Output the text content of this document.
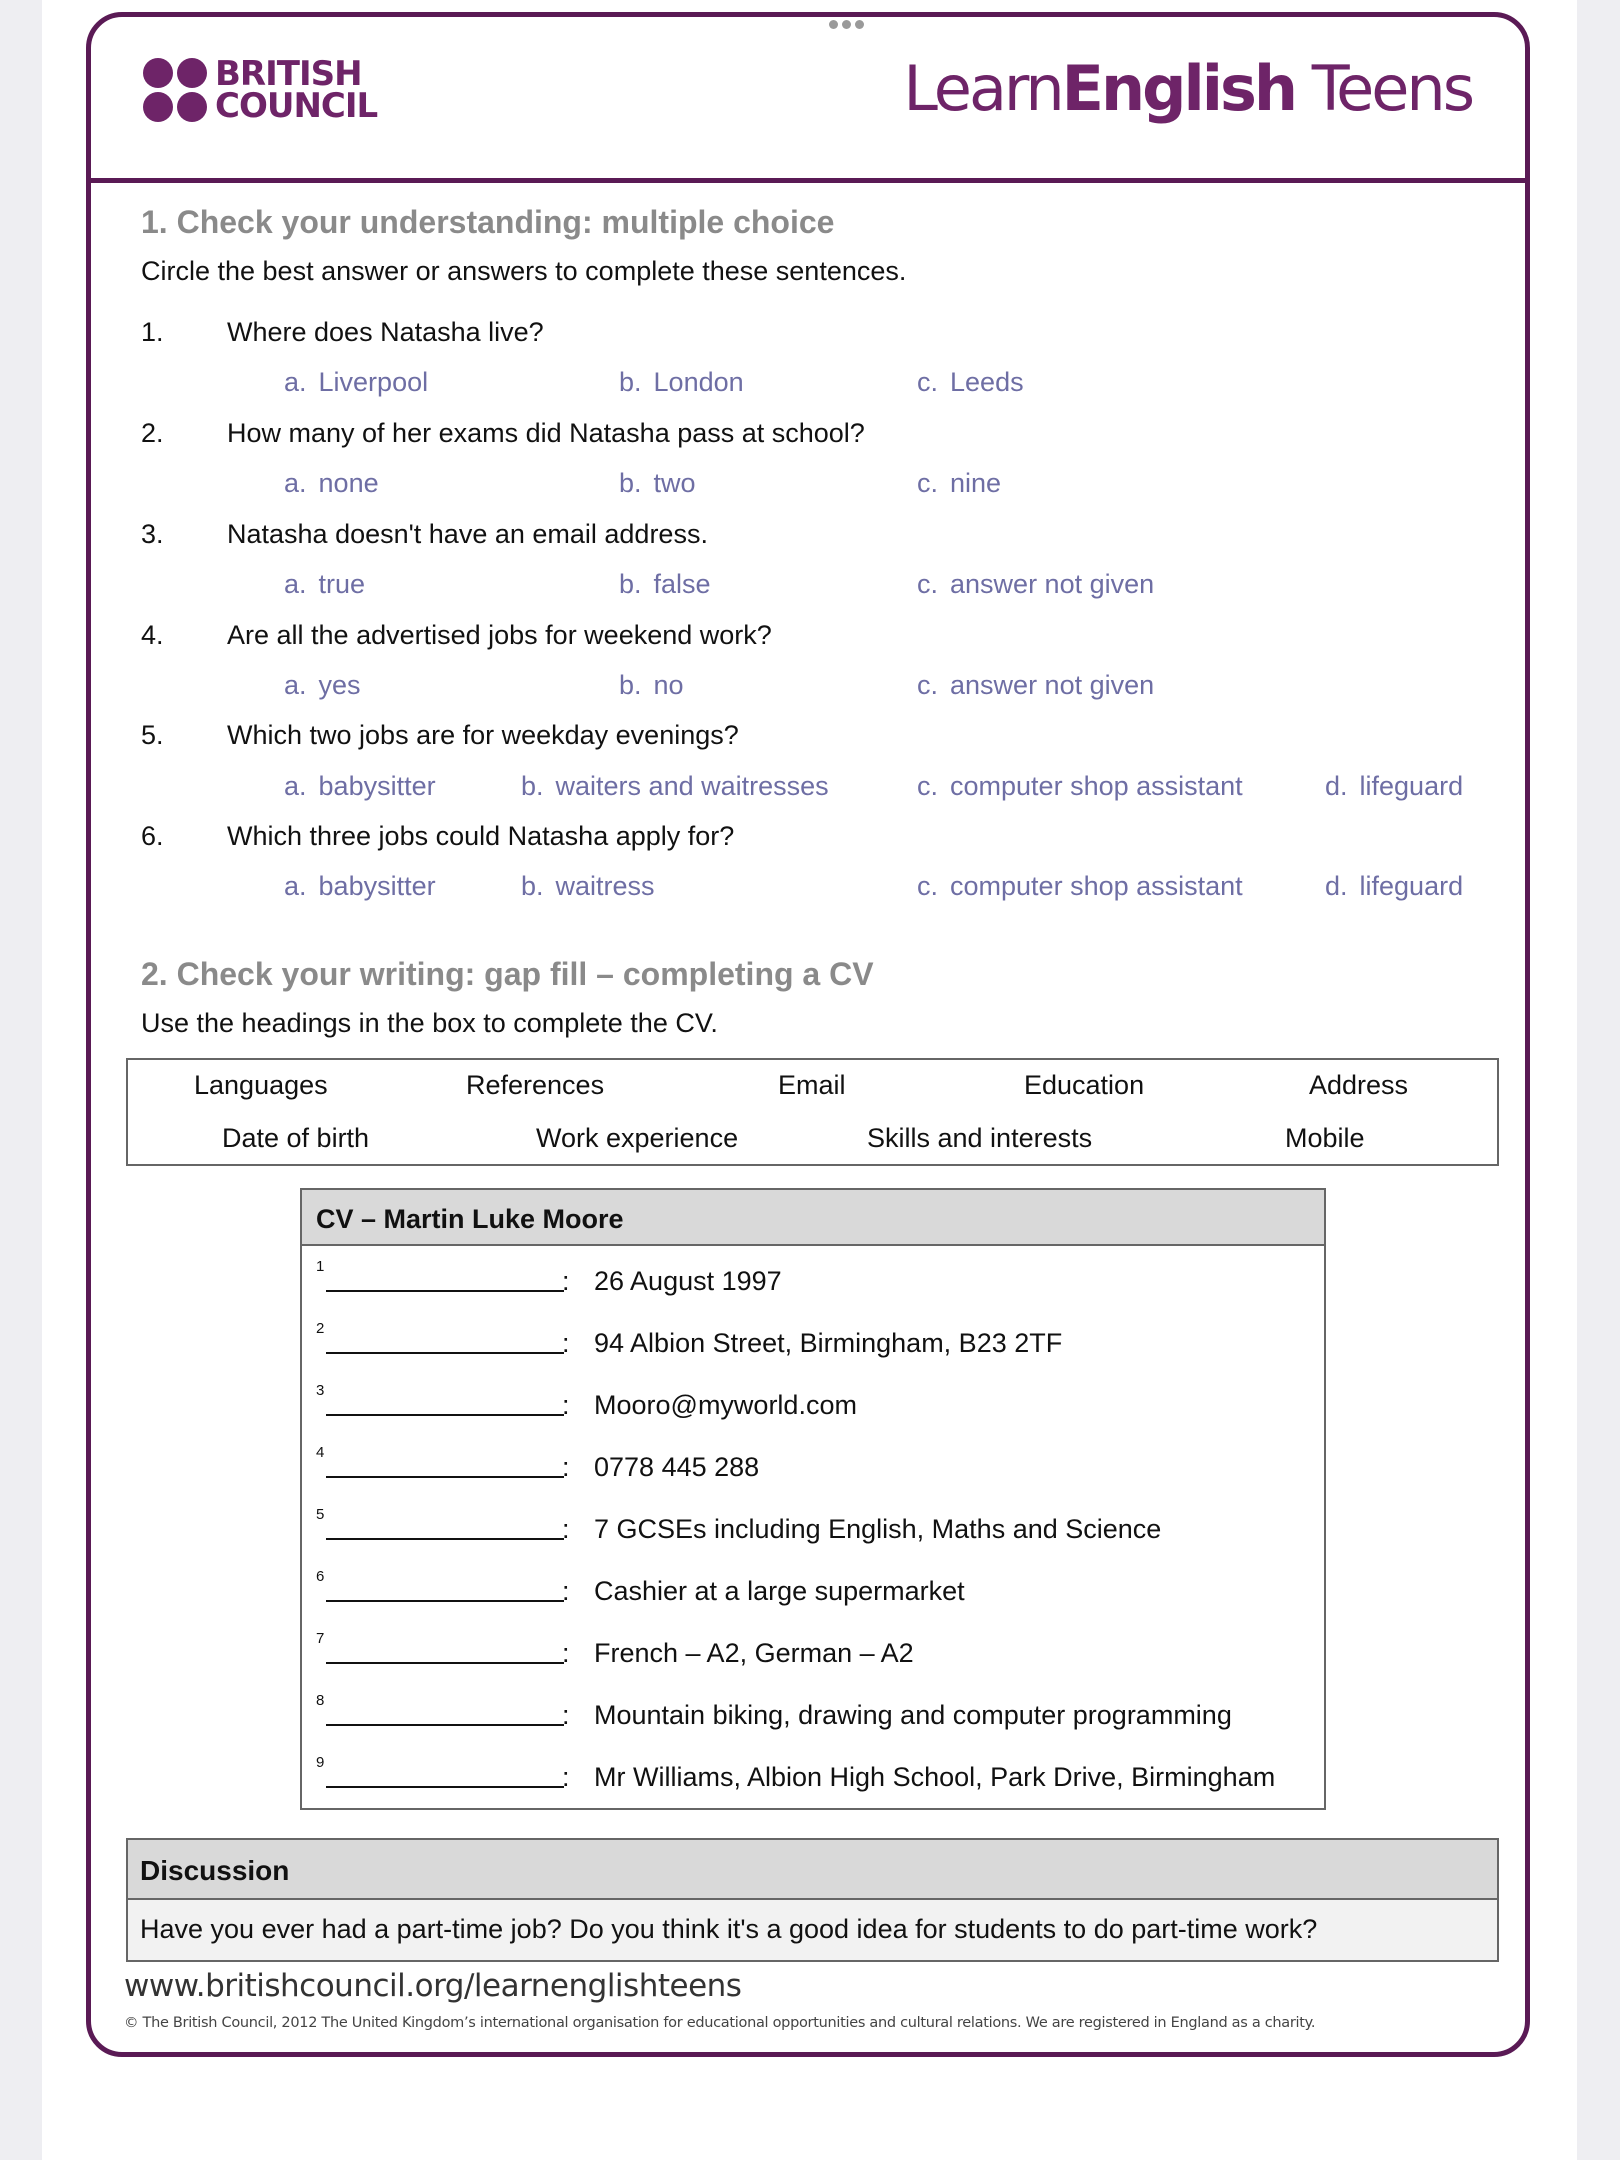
BRITISH
COUNCIL	LearnEnglish Teens
1. Check your understanding: multiple choice
Circle the best answer or answers to complete these sentences.
1. Where does Natasha live?
a. Liverpool	b. London	c. Leeds
2. How many of her exams did Natasha pass at school?
a. none	b. two	c. nine
3. Natasha doesn't have an email address.
a. true	b. false	c. answer not given
4. Are all the advertised jobs for weekend work?
a. yes	b. no	c. answer not given
5. Which two jobs are for weekday evenings?
a. babysitter	b. waiters and waitresses	c. computer shop assistant	d. lifeguard
6. Which three jobs could Natasha apply for?
a. babysitter	b. waitress	c. computer shop assistant	d. lifeguard
2. Check your writing: gap fill – completing a CV
Use the headings in the box to complete the CV.
Languages	References	Email	Education	Address
Date of birth	Work experience	Skills and interests	Mobile
CV – Martin Luke Moore
1	: 26 August 1997
2	: 94 Albion Street, Birmingham, B23 2TF
3	: Mooro@myworld.com
4	: 0778 445 288
5	: 7 GCSEs including English, Maths and Science
6	: Cashier at a large supermarket
7	: French – A2, German – A2
8	: Mountain biking, drawing and computer programming
9	: Mr Williams, Albion High School, Park Drive, Birmingham
Discussion
Have you ever had a part-time job? Do you think it's a good idea for students to do part-time work?
www.britishcouncil.org/learnenglishteens
© The British Council, 2012 The United Kingdom’s international organisation for educational opportunities and cultural relations. We are registered in England as a charity.
